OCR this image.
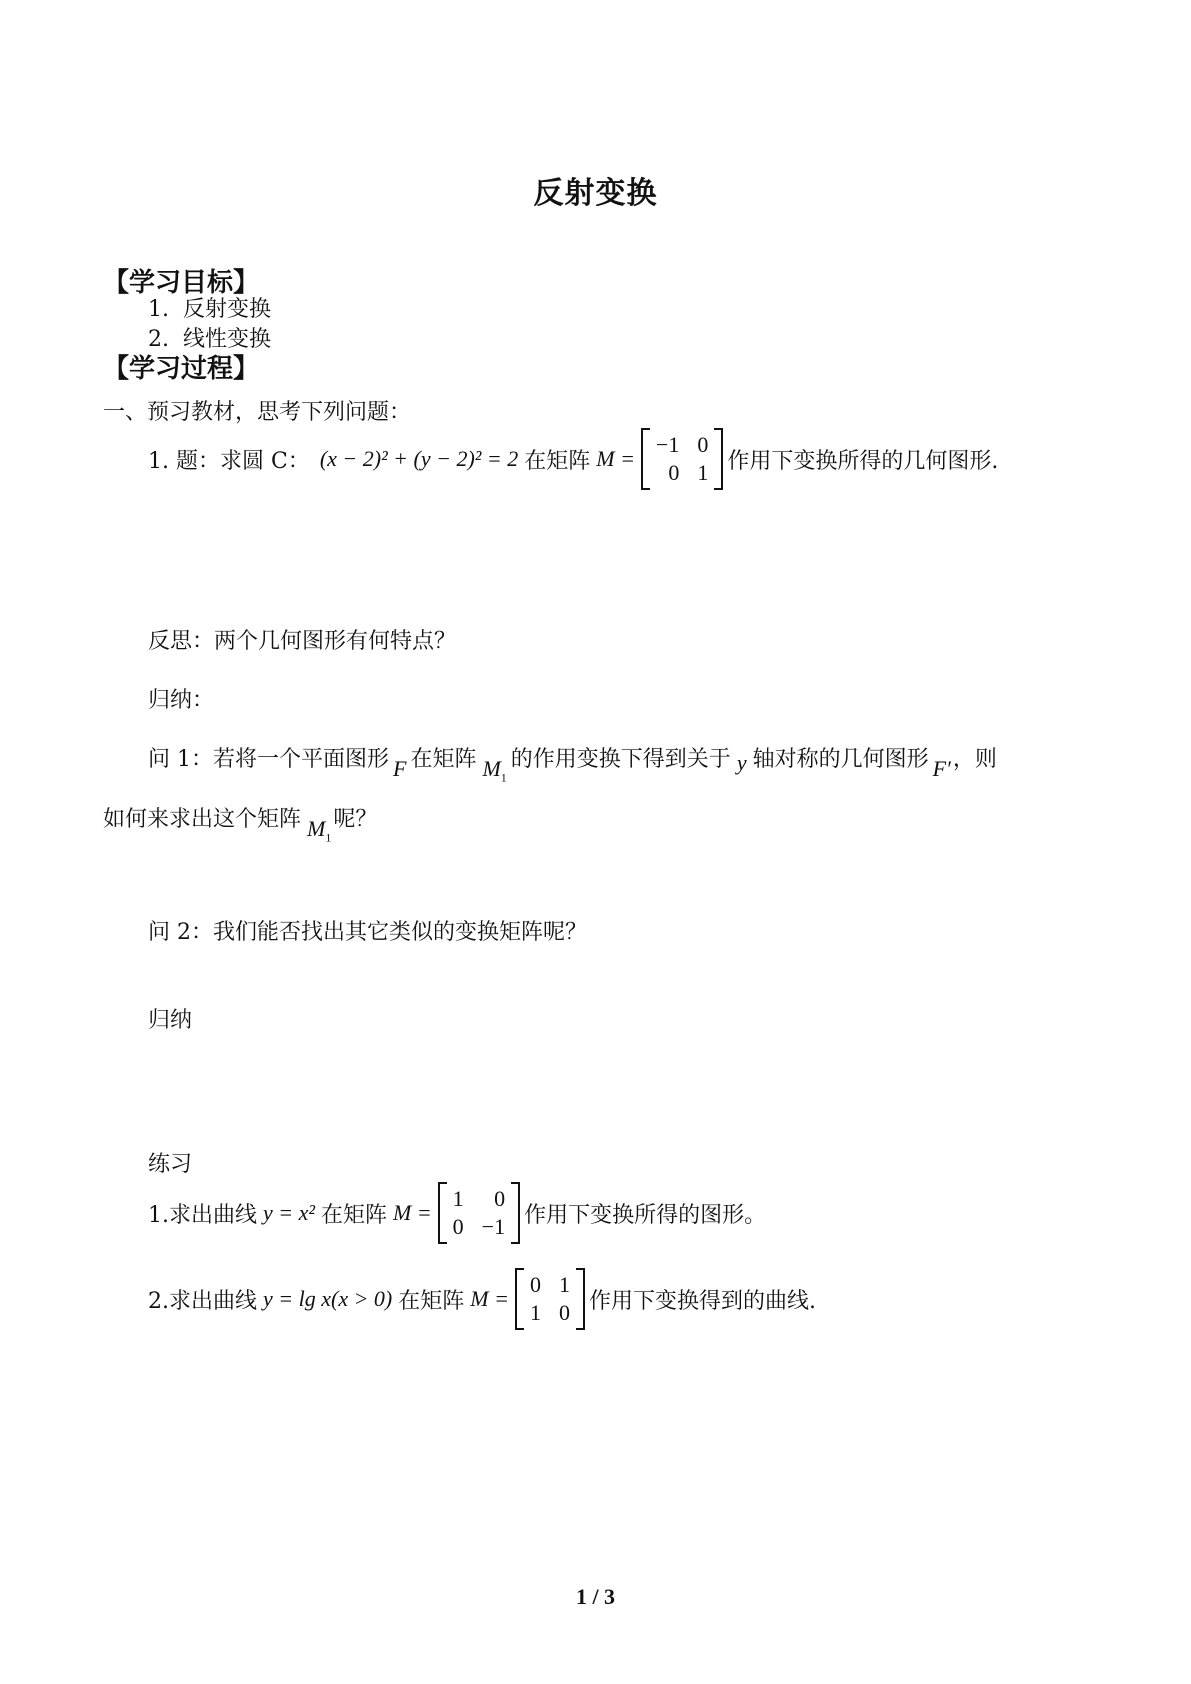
反射变换
【学习目标】
1. 反射变换
2. 线性变换
【学习过程】
一、预习教材，思考下列问题：
1. 题：求圆 C： (x − 2)² + (y − 2)² = 2 在矩阵 M =
−1 0
0 1 作用下变换所得的几何图形.
反思：两个几何图形有何特点？
归纳：
问 1：若将一个平面图形 F 在矩阵 $M_1$
的作用变换下得到关于 y 轴对称的几何图形 F′ ，则
如何来求出这个矩阵 $M_1$
呢？
问 2：我们能否找出其它类似的变换矩阵呢？
归纳
练习
1.求出曲线 y = x² 在矩阵 M =
1	0
0 −1 作用下变换所得的图形。
2.求出曲线 y = lg x(x > 0) 在矩阵 M =
0 1
1 0 作用下变换得到的曲线.
1 / 3
